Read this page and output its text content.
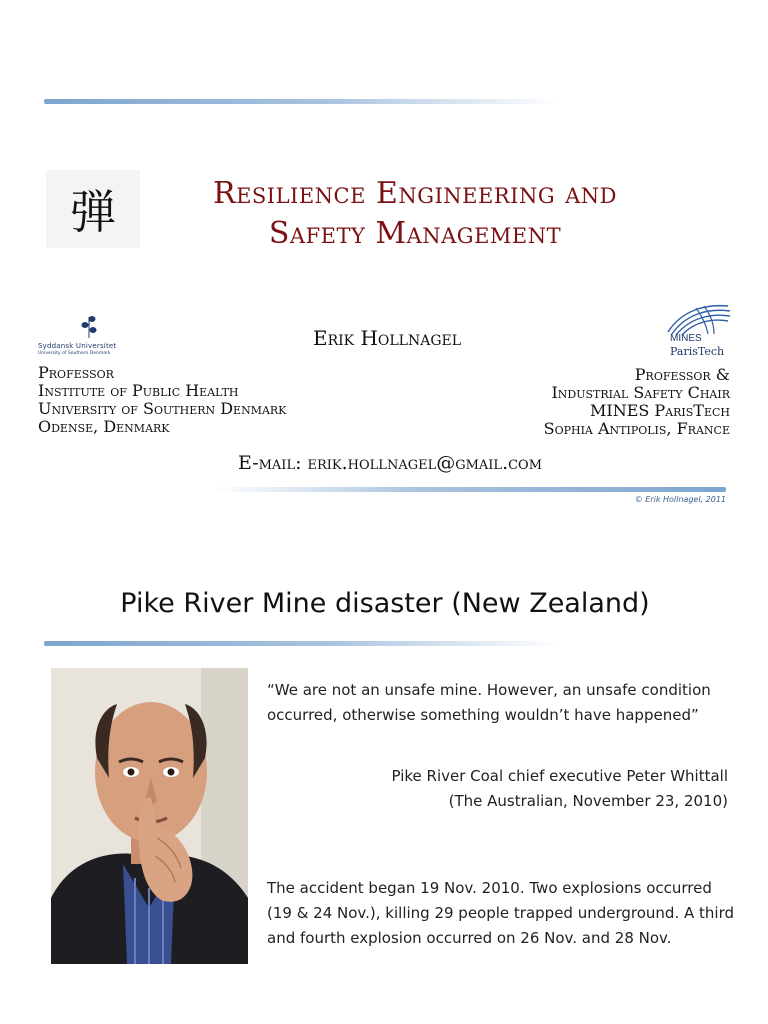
弾	Resilience Engineering and
Safety Management
Syddansk Universitet
University of Southern Denmark
MINES
ParisTech
Erik Hollnagel
Professor
Institute of Public Health
University of Southern Denmark
Odense, Denmark
Professor &
Industrial Safety Chair
MINES ParisTech
Sophia Antipolis, France
E-mail: erik.hollnagel@gmail.com
© Erik Hollnagel, 2011
Pike River Mine disaster (New Zealand)
“We are not an unsafe mine. However, an unsafe condition occurred, otherwise something wouldn’t have happened”
Pike River Coal chief executive Peter Whittall
(The Australian, November 23, 2010)
The accident began 19 Nov. 2010. Two explosions occurred (19 & 24 Nov.), killing 29 people trapped underground. A third and fourth explosion occurred on 26 Nov. and 28 Nov.
